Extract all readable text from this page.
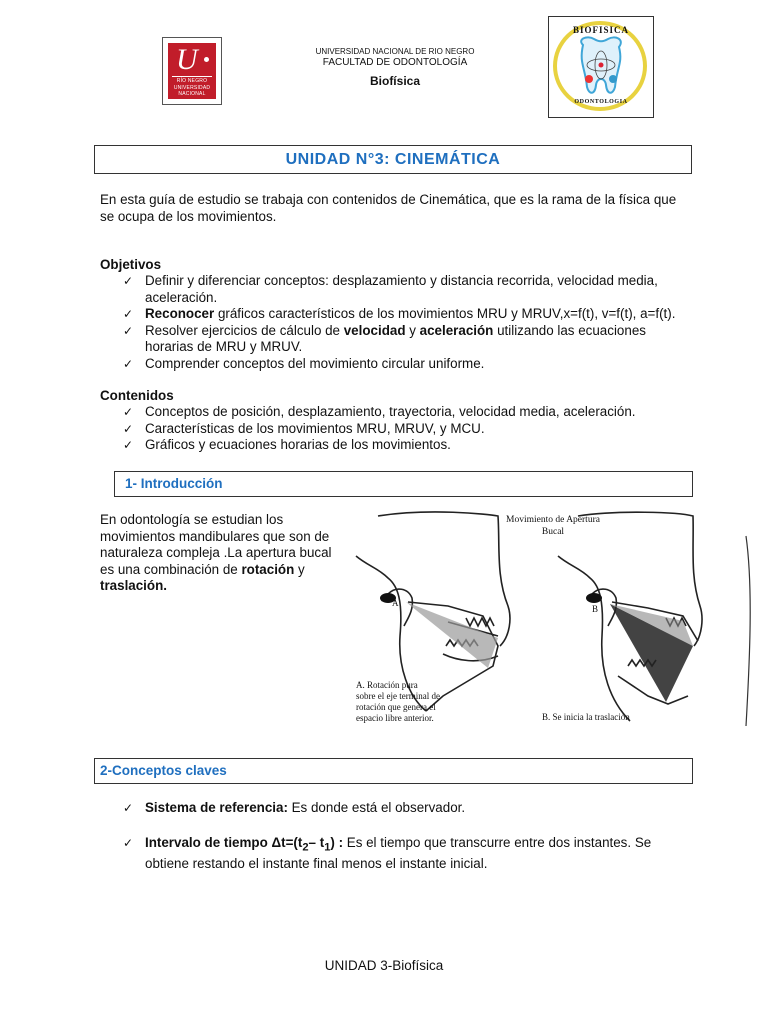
U
RÍO NEGRO
UNIVERSIDAD
NACIONAL
UNIVERSIDAD NACIONAL DE RIO NEGRO
FACULTAD DE ODONTOLOGÍA
Biofísica
BIOFISICA
ODONTOLOGIA
UNIDAD N°3: CINEMÁTICA
En esta guía de estudio se trabaja con contenidos de Cinemática, que es la rama de la física que se ocupa de los movimientos.
Objetivos
✓ Definir y diferenciar conceptos: desplazamiento y distancia recorrida, velocidad media, aceleración.
✓ Reconocer gráficos característicos de los movimientos MRU y MRUV,x=f(t), v=f(t), a=f(t).
✓ Resolver ejercicios de cálculo de velocidad y aceleración utilizando las ecuaciones horarias de MRU y MRUV.
✓ Comprender conceptos del movimiento circular uniforme.
Contenidos
✓ Conceptos de posición, desplazamiento, trayectoria, velocidad media, aceleración.
✓ Características de los movimientos MRU, MRUV, y MCU.
✓ Gráficos y ecuaciones horarias de los movimientos.
1- Introducción
En odontología se estudian los movimientos mandibulares que son de naturaleza compleja .La apertura bucal es una combinación de rotación y traslación.
A
B
Movimiento de Apertura
Bucal
A. Rotación pura
sobre el eje terminal de
rotación que genera el
espacio libre anterior.	B. Se inicia la traslación
2-Conceptos claves
✓ Sistema de referencia: Es donde está el observador.
✓ Intervalo de tiempo $\Delta t=(t_2-$ $t_1$) : Es el tiempo que transcurre entre dos instantes. Se obtiene restando el instante final menos el instante inicial.
UNIDAD 3-Biofísica
